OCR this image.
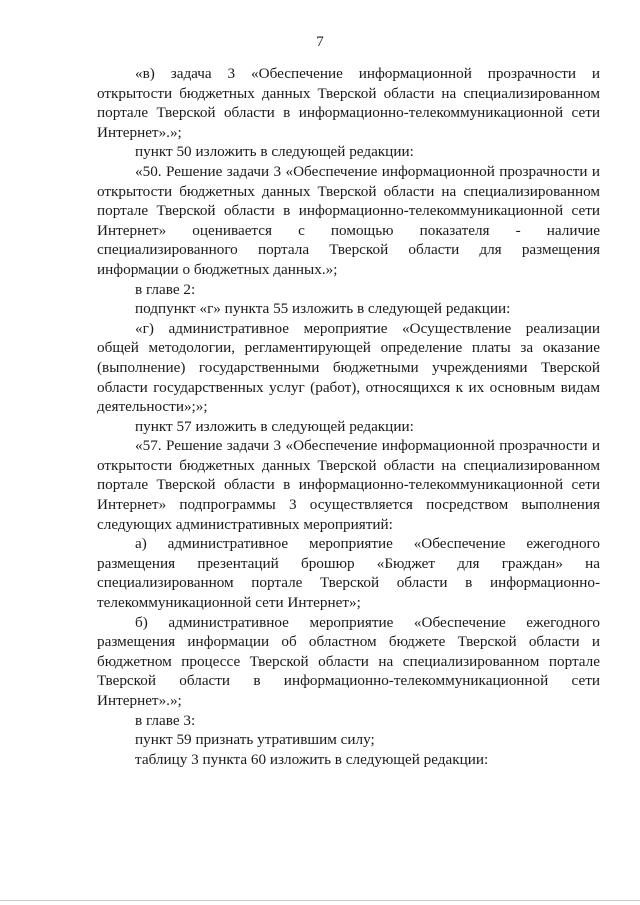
7

«в) задача 3 «Обеспечение информационной прозрачности и открытости бюджетных данных Тверской области на специализированном портале Тверской области в информационно-телекоммуникационной сети Интернет».»;

пункт 50 изложить в следующей редакции:

«50. Решение задачи 3 «Обеспечение информационной прозрачности и открытости бюджетных данных Тверской области на специализированном портале Тверской области в информационно-телекоммуникационной сети Интернет» оценивается с помощью показателя - наличие специализированного портала Тверской области для размещения информации о бюджетных данных.»;

в главе 2:

подпункт «г» пункта 55 изложить в следующей редакции:

«г) административное мероприятие «Осуществление реализации общей методологии, регламентирующей определение платы за оказание (выполнение) государственными бюджетными учреждениями Тверской области государственных услуг (работ), относящихся к их основным видам деятельности»;»;

пункт 57 изложить в следующей редакции:

«57. Решение задачи 3 «Обеспечение информационной прозрачности и открытости бюджетных данных Тверской области на специализированном портале Тверской области в информационно-телекоммуникационной сети Интернет» подпрограммы 3 осуществляется посредством выполнения следующих административных мероприятий:

а) административное мероприятие «Обеспечение ежегодного размещения презентаций брошюр «Бюджет для граждан» на специализированном портале Тверской области в информационно-телекоммуникационной сети Интернет»;

б) административное мероприятие «Обеспечение ежегодного размещения информации об областном бюджете Тверской области и бюджетном процессе Тверской области на специализированном портале Тверской области в информационно-телекоммуникационной сети Интернет».»;

в главе 3:

пункт 59 признать утратившим силу;

таблицу 3 пункта 60 изложить в следующей редакции:
